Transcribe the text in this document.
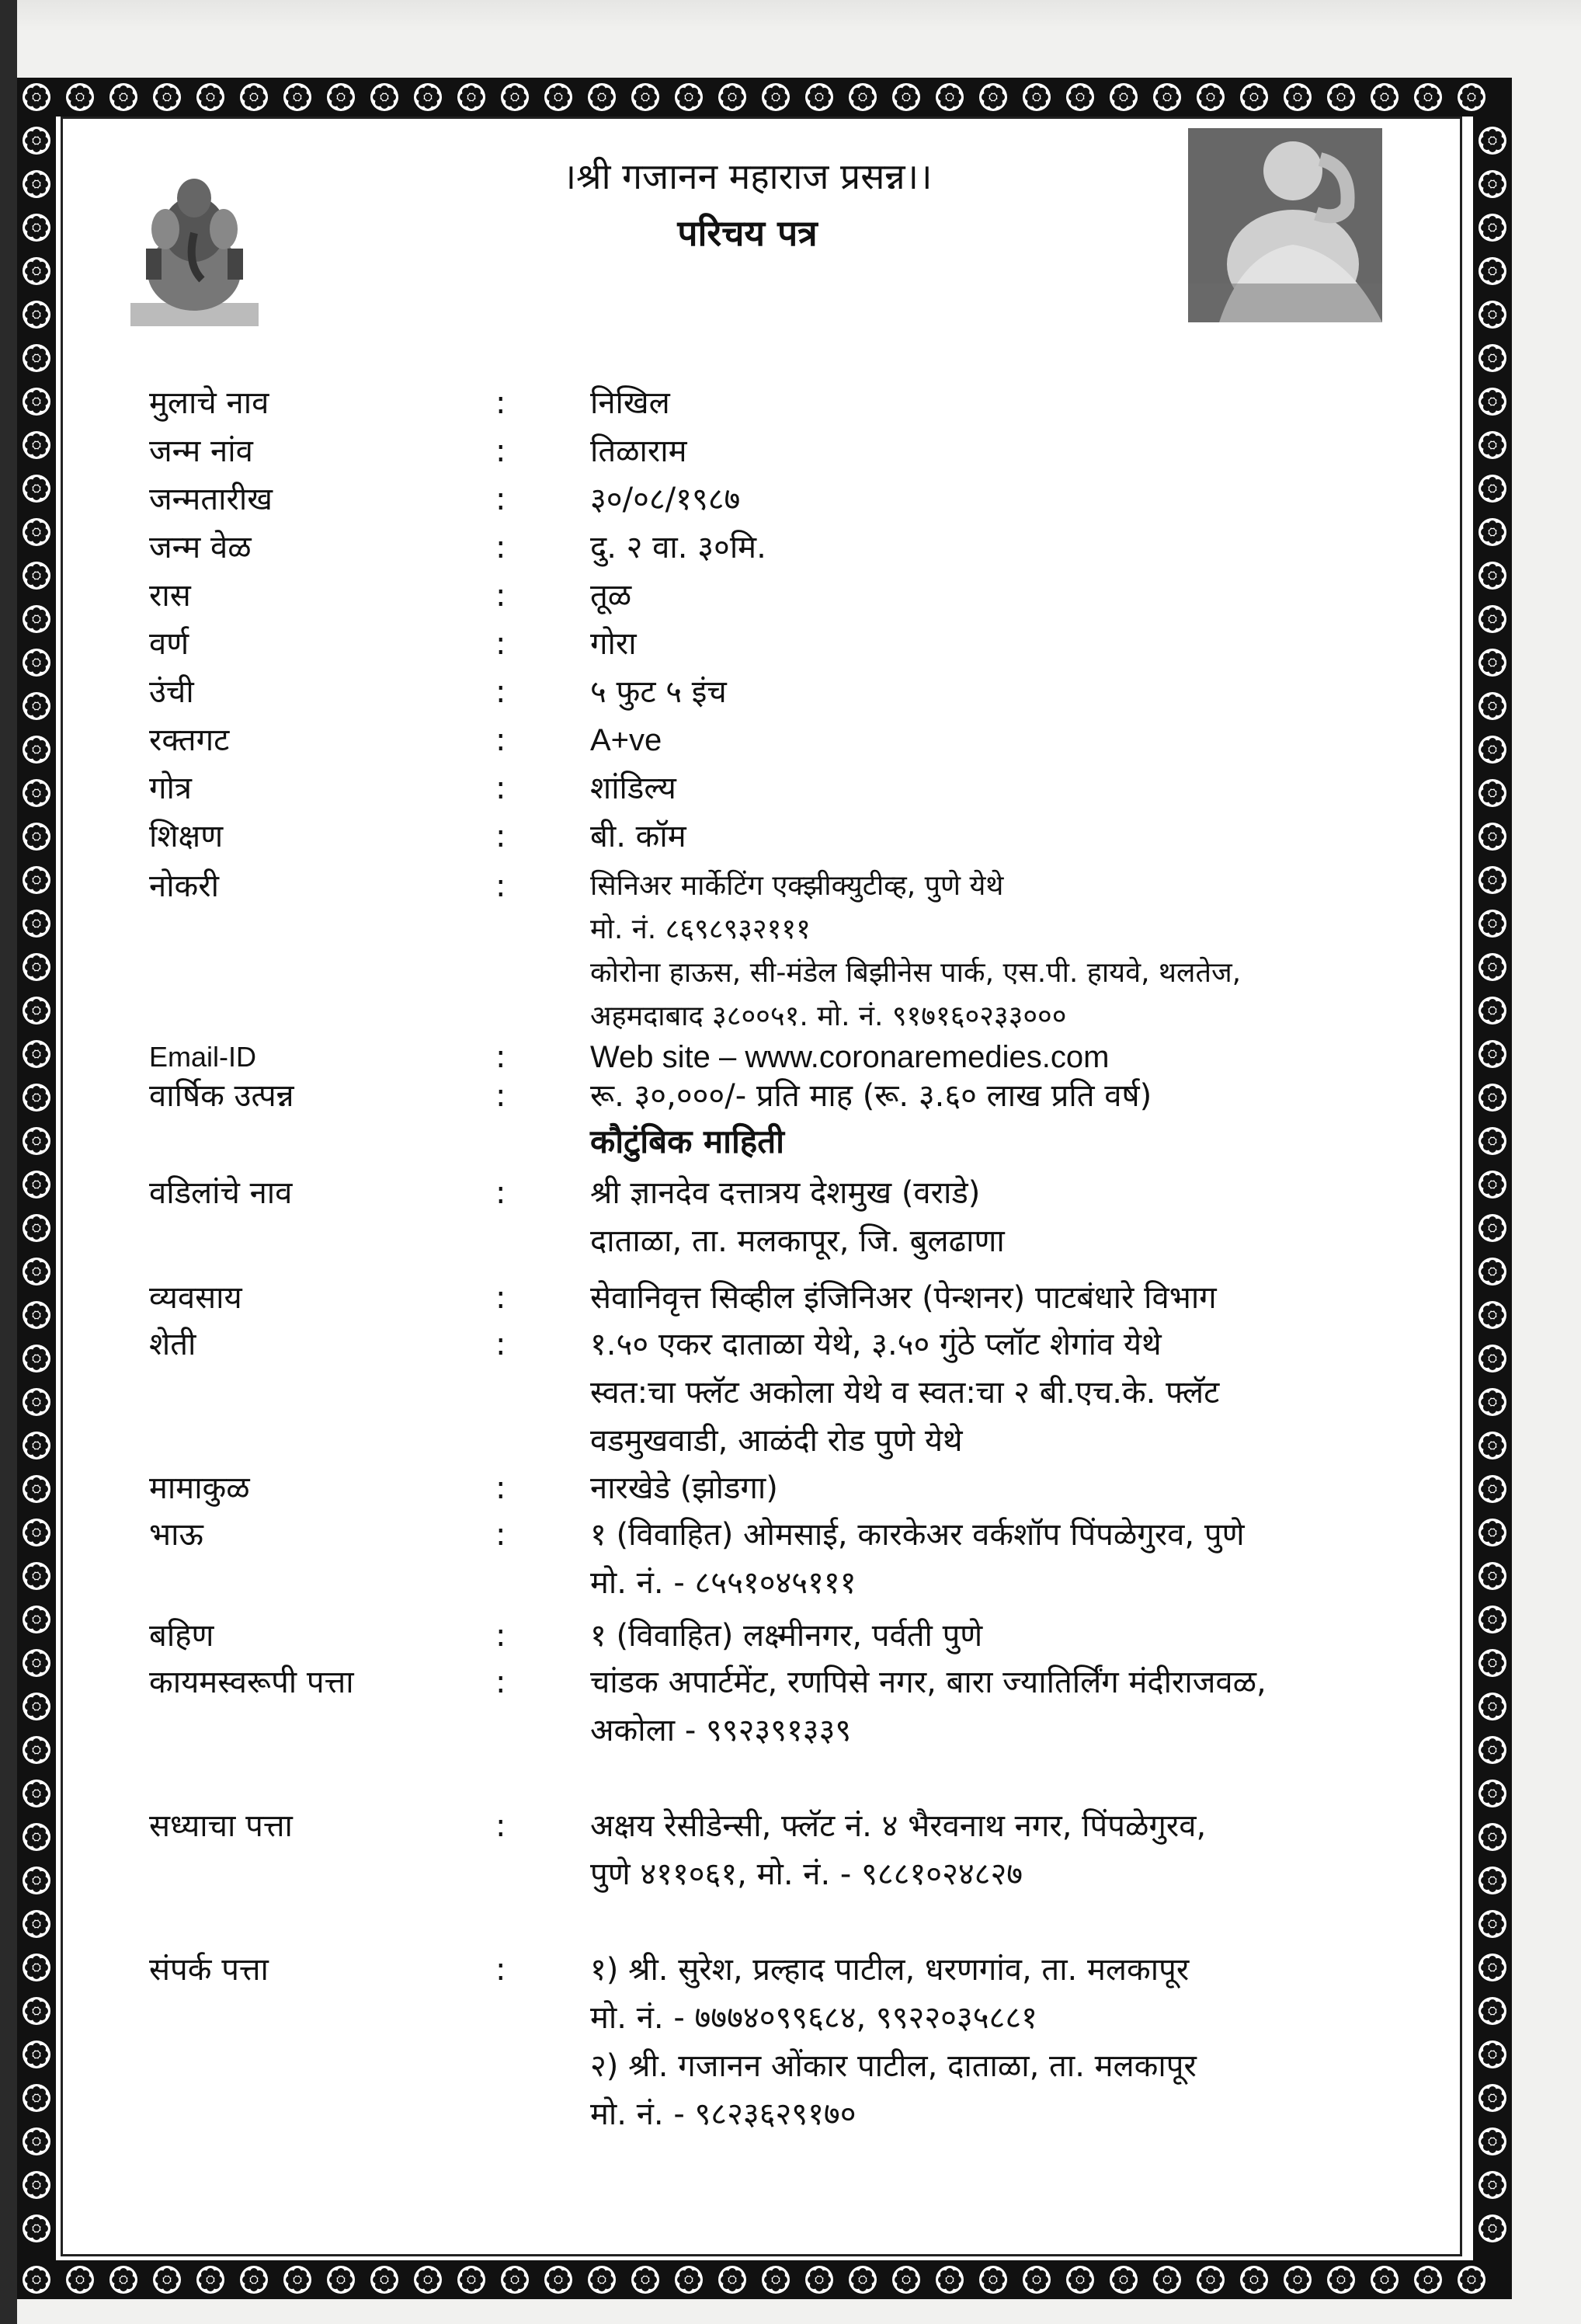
।श्री गजानन महाराज प्रसन्न।।
परिचय पत्र
मुलाचे नाव	:	निखिल
जन्म नांव	:	तिळाराम
जन्मतारीख	:	३०/०८/१९८७
जन्म वेळ	:	दु. २ वा. ३०मि.
रास	:	तूळ
वर्ण	:	गोरा
उंची	:	५ फुट ५ इंच
रक्तगट	:	A+ve
गोत्र	:	शांडिल्य
शिक्षण	:	बी. कॉम
नोकरी	:	सिनिअर मार्केटिंग एक्झीक्युटीव्ह, पुणे येथे
मो. नं. ८६९८९३२१११
कोरोना हाऊस, सी-मंडेल बिझीनेस पार्क, एस.पी. हायवे, थलतेज,
अहमदाबाद ३८००५१. मो. नं. ९१७१६०२३३०००
Email-ID	:	Web site – www.coronaremedies.com
वार्षिक उत्पन्न	:	रू. ३०,०००/- प्रति माह (रू. ३.६० लाख प्रति वर्ष)
वडिलांचे नाव	:	श्री ज्ञानदेव दत्तात्रय देशमुख (वराडे)
दाताळा, ता. मलकापूर, जि. बुलढाणा
व्यवसाय	:	सेवानिवृत्त सिव्हील इंजिनिअर (पेन्शनर) पाटबंधारे विभाग
शेती	:	१.५० एकर दाताळा येथे, ३.५० गुंठे प्लॉट शेगांव येथे
स्वत:चा फ्लॅट अकोला येथे व स्वत:चा २ बी.एच.के. फ्लॅट
वडमुखवाडी, आळंदी रोड पुणे येथे
मामाकुळ	:	नारखेडे (झोडगा)
भाऊ	:	१ (विवाहित) ओमसाई, कारकेअर वर्कशॉप पिंपळेगुरव, पुणे
मो. नं. - ८५५१०४५१११
बहिण	:	१ (विवाहित) लक्ष्मीनगर, पर्वती पुणे
कायमस्वरूपी पत्ता	:	चांडक अपार्टमेंट, रणपिसे नगर, बारा ज्यातिर्लिंग मंदीराजवळ,
अकोला - ९९२३९१३३९
सध्याचा पत्ता	:	अक्षय रेसीडेन्सी, फ्लॅट नं. ४ भैरवनाथ नगर, पिंपळेगुरव,
पुणे ४११०६१, मो. नं. - ९८८१०२४८२७
संपर्क पत्ता	:	१) श्री. सुरेश, प्रल्हाद पाटील, धरणगांव, ता. मलकापूर
मो. नं. - ७७७४०९९६८४, ९९२२०३५८८१
२) श्री. गजानन ओंकार पाटील, दाताळा, ता. मलकापूर
मो. नं. - ९८२३६२९१७०
कौटुंबिक माहिती
